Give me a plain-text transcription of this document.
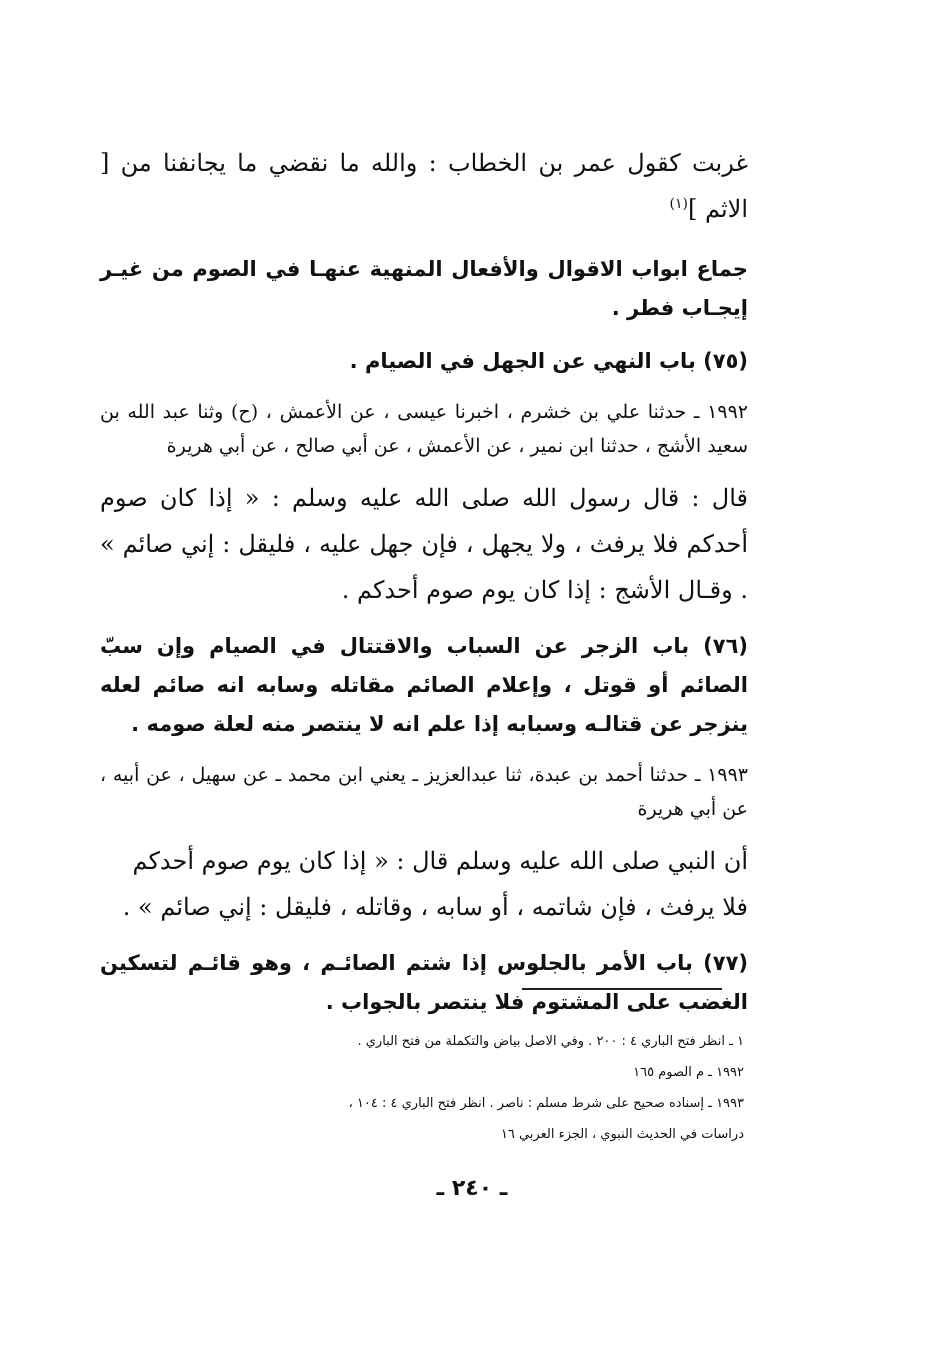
غربت كقول عمر بن الخطاب : والله ما نقضي ما يجانفنا من [ الاثم ]$^{(١)}$

جماع ابواب الاقوال والأفعال المنهية عنهـا في الصوم من غيـر إيجـاب فطر .

(٧٥) باب النهي عن الجهل في الصيام .

١٩٩٢ ـ حدثنا علي بن خشرم ، اخبرنا عيسى ، عن الأعمش ، (ح) وثنا عبد الله بن سعيد الأشج ، حدثنا ابن نمير ، عن الأعمش ، عن أبي صالح ، عن أبي هريرة

قال : قال رسول الله صلى الله عليه وسلم : « إذا كان صوم أحدكم فلا يرفث ، ولا يجهل ، فإن جهل عليه ، فليقل : إني صائم » . وقـال الأشج : إذا كان يوم صوم أحدكم .

(٧٦) باب الزجر عن السباب والاقتتال في الصيام وإن سبّ الصائم أو قوتل ، وإعلام الصائم مقاتله وسابه انه صائم لعله ينزجر عن قتالـه وسبابه إذا علم انه لا ينتصر منه لعلة صومه .

١٩٩٣ ـ حدثنا أحمد بن عبدة، ثنا عبدالعزيز ـ يعني ابن محمد ـ عن سهيل ، عن أبيه ، عن أبي هريرة

أن النبي صلى الله عليه وسلم قال : « إذا كان يوم صوم أحدكم
فلا يرفث ، فإن شاتمه ، أو سابه ، وقاتله ، فليقل : إني صائم » .

(٧٧) باب الأمر بالجلوس إذا شتم الصائـم ، وهو قائـم لتسكين الغضب على المشتوم فلا ينتصر بالجواب .

١ ـ انظر فتح الباري ٤ : ٢٠٠ . وفي الاصل بياض والتكملة من فتح الباري .

١٩٩٢ ـ م الصوم ١٦٥

١٩٩٣ ـ إسناده صحيح على شرط مسلم : ناصر . انظر فتح الباري ٤ : ١٠٤ ،

دراسات في الحديث النبوي ، الجزء العربي ١٦

ـ ٢٤٠ ـ
